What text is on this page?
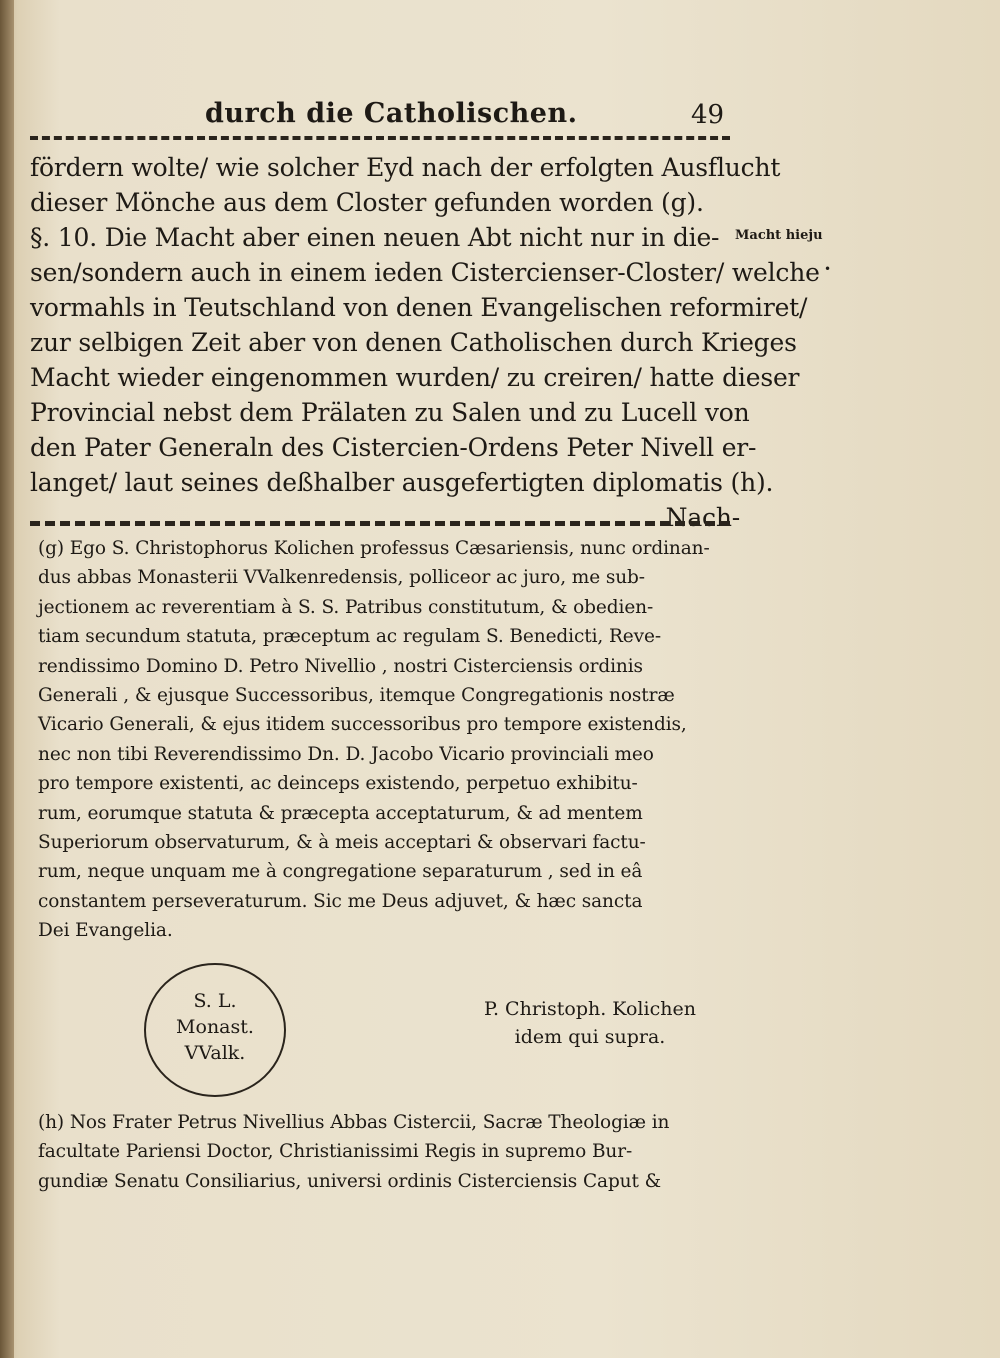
durch die Catholischen.	49
fördern wolte/ wie solcher Eyd nach der erfolgten Ausflucht
dieser Mönche aus dem Closter gefunden worden (g).
§. 10. Die Macht aber einen neuen Abt nicht nur in die-
sen/sondern auch in einem ieden Cistercienser-Closter/ welche
vormahls in Teutschland von denen Evangelischen reformiret/
zur selbigen Zeit aber von denen Catholischen durch Krieges
Macht wieder eingenommen wurden/ zu creiren/ hatte dieser
Provincial nebst dem Prälaten zu Salen und zu Lucell von
den Pater Generaln des Cistercien-Ordens Peter Nivell er-
langet/ laut seines deßhalber ausgefertigten diplomatis (h).
Nach-
Macht hieju
•
(g) Ego S. Christophorus Kolichen professus Cæsariensis, nunc ordinan-
dus abbas Monasterii VValkenredensis, polliceor ac juro, me sub-
jectionem ac reverentiam à S. S. Patribus constitutum, & obedien-
tiam secundum statuta, præceptum ac regulam S. Benedicti, Reve-
rendissimo Domino D. Petro Nivellio , nostri Cisterciensis ordinis
Generali , & ejusque Successoribus, itemque Congregationis nostræ
Vicario Generali, & ejus itidem successoribus pro tempore existendis,
nec non tibi Reverendissimo Dn. D. Jacobo Vicario provinciali meo
pro tempore existenti, ac deinceps existendo, perpetuo exhibitu-
rum, eorumque statuta & præcepta acceptaturum, & ad mentem
Superiorum observaturum, & à meis acceptari & observari factu-
rum, neque unquam me à congregatione separaturum , sed in eâ
constantem perseveraturum. Sic me Deus adjuvet, & hæc sancta
Dei Evangelia.
S. L.
Monast.
VValk.
P. Christoph. Kolichen
idem qui supra.
(h) Nos Frater Petrus Nivellius Abbas Cistercii, Sacræ Theologiæ in
facultate Pariensi Doctor, Christianissimi Regis in supremo Bur-
gundiæ Senatu Consiliarius, universi ordinis Cisterciensis Caput &
